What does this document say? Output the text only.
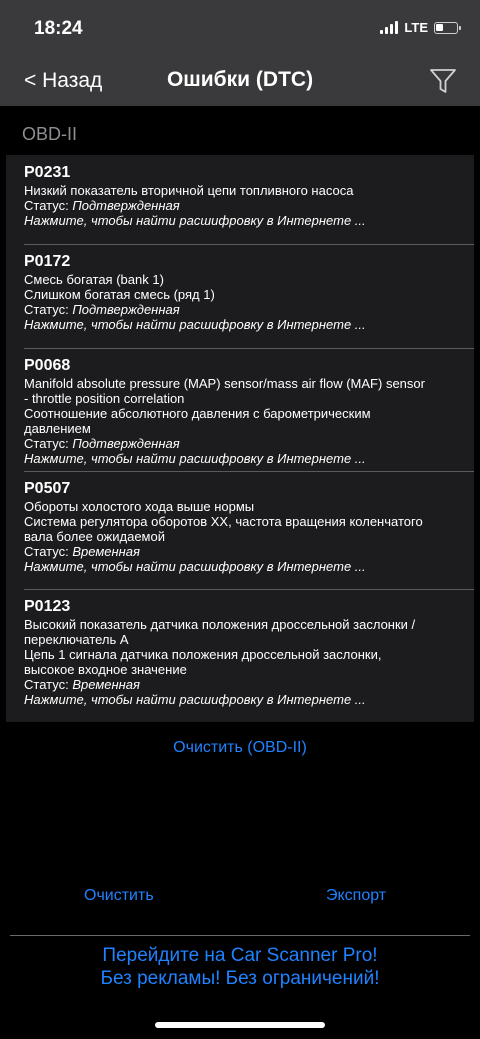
18:24	LTE
< Назад	Ошибки (DTC)
OBD-II
P0231
Низкий показатель вторичной цепи топливного насоса
Статус: Подтвержденная
Нажмите, чтобы найти расшифровку в Интернете ...
P0172
Смесь богатая (bank 1)
Слишком богатая смесь (ряд 1)
Статус: Подтвержденная
Нажмите, чтобы найти расшифровку в Интернете ...
P0068
Manifold absolute pressure (MAP) sensor/mass air flow (MAF) sensor
- throttle position correlation
Соотношение абсолютного давления с барометрическим
давлением
Статус: Подтвержденная
Нажмите, чтобы найти расшифровку в Интернете ...
P0507
Обороты холостого хода выше нормы
Система регулятора оборотов ХХ, частота вращения коленчатого
вала более ожидаемой
Статус: Временная
Нажмите, чтобы найти расшифровку в Интернете ...
P0123
Высокий показатель датчика положения дроссельной заслонки /
переключатель А
Цепь 1 сигнала датчика положения дроссельной заслонки,
высокое входное значение
Статус: Временная
Нажмите, чтобы найти расшифровку в Интернете ...
Очистить (OBD-II)
Очистить	Экспорт
Перейдите на Car Scanner Pro!
Без рекламы! Без ограничений!
